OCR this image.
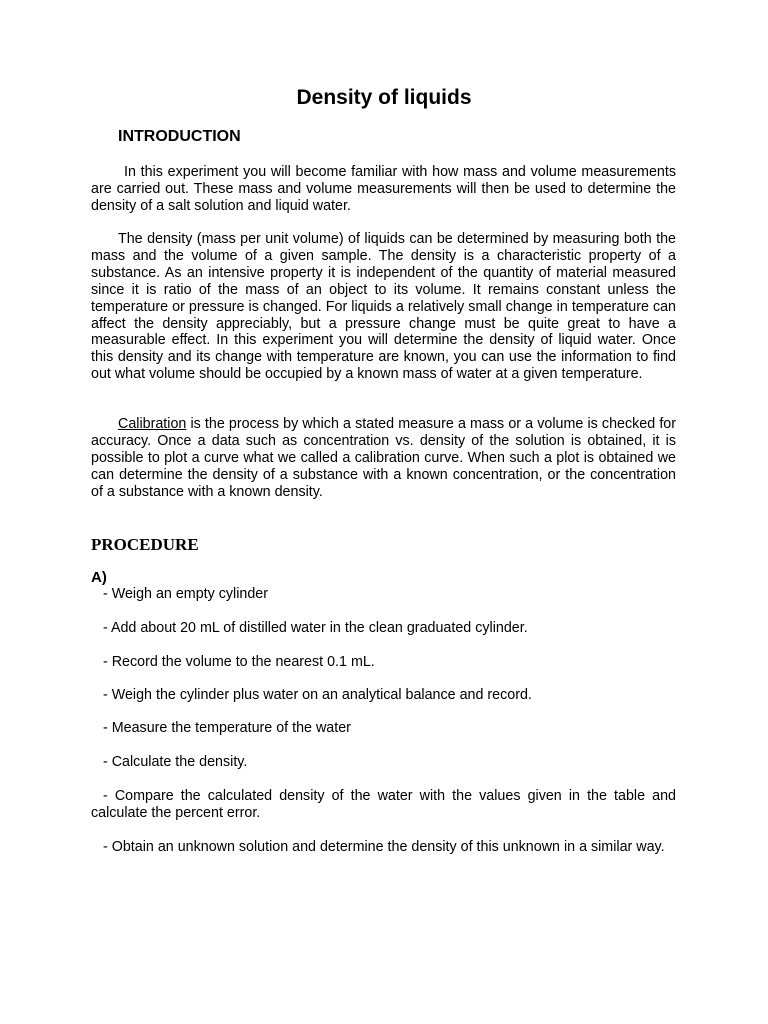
Density of liquids
INTRODUCTION

In this experiment you will become familiar with how mass and volume measurements are carried out. These mass and volume measurements will then be used to determine the density of a salt solution and liquid water.

The density (mass per unit volume) of liquids can be determined by measuring both the mass and the volume of a given sample. The density is a characteristic property of a substance. As an intensive property it is independent of the quantity of material measured since it is ratio of the mass of an object to its volume. It remains constant unless the temperature or pressure is changed. For liquids a relatively small change in temperature can affect the density appreciably, but a pressure change must be quite great to have a measurable effect. In this experiment you will determine the density of liquid water. Once this density and its change with temperature are known, you can use the information to find out what volume should be occupied by a known mass of water at a given temperature.

Calibration is the process by which a stated measure a mass or a volume is checked for accuracy. Once a data such as concentration vs. density of the solution is obtained, it is possible to plot a curve what we called a calibration curve. When such a plot is obtained we can determine the density of a substance with a known concentration, or the concentration of a substance with a known density.

PROCEDURE
A)

- Weigh an empty cylinder

- Add about 20 mL of distilled water in the clean graduated cylinder.

- Record the volume to the nearest 0.1 mL.

- Weigh the cylinder plus water on an analytical balance and record.

- Measure the temperature of the water

- Calculate the density.

- Compare the calculated density of the water with the values given in the table and calculate the percent error.

- Obtain an unknown solution and determine the density of this unknown in a similar way.
